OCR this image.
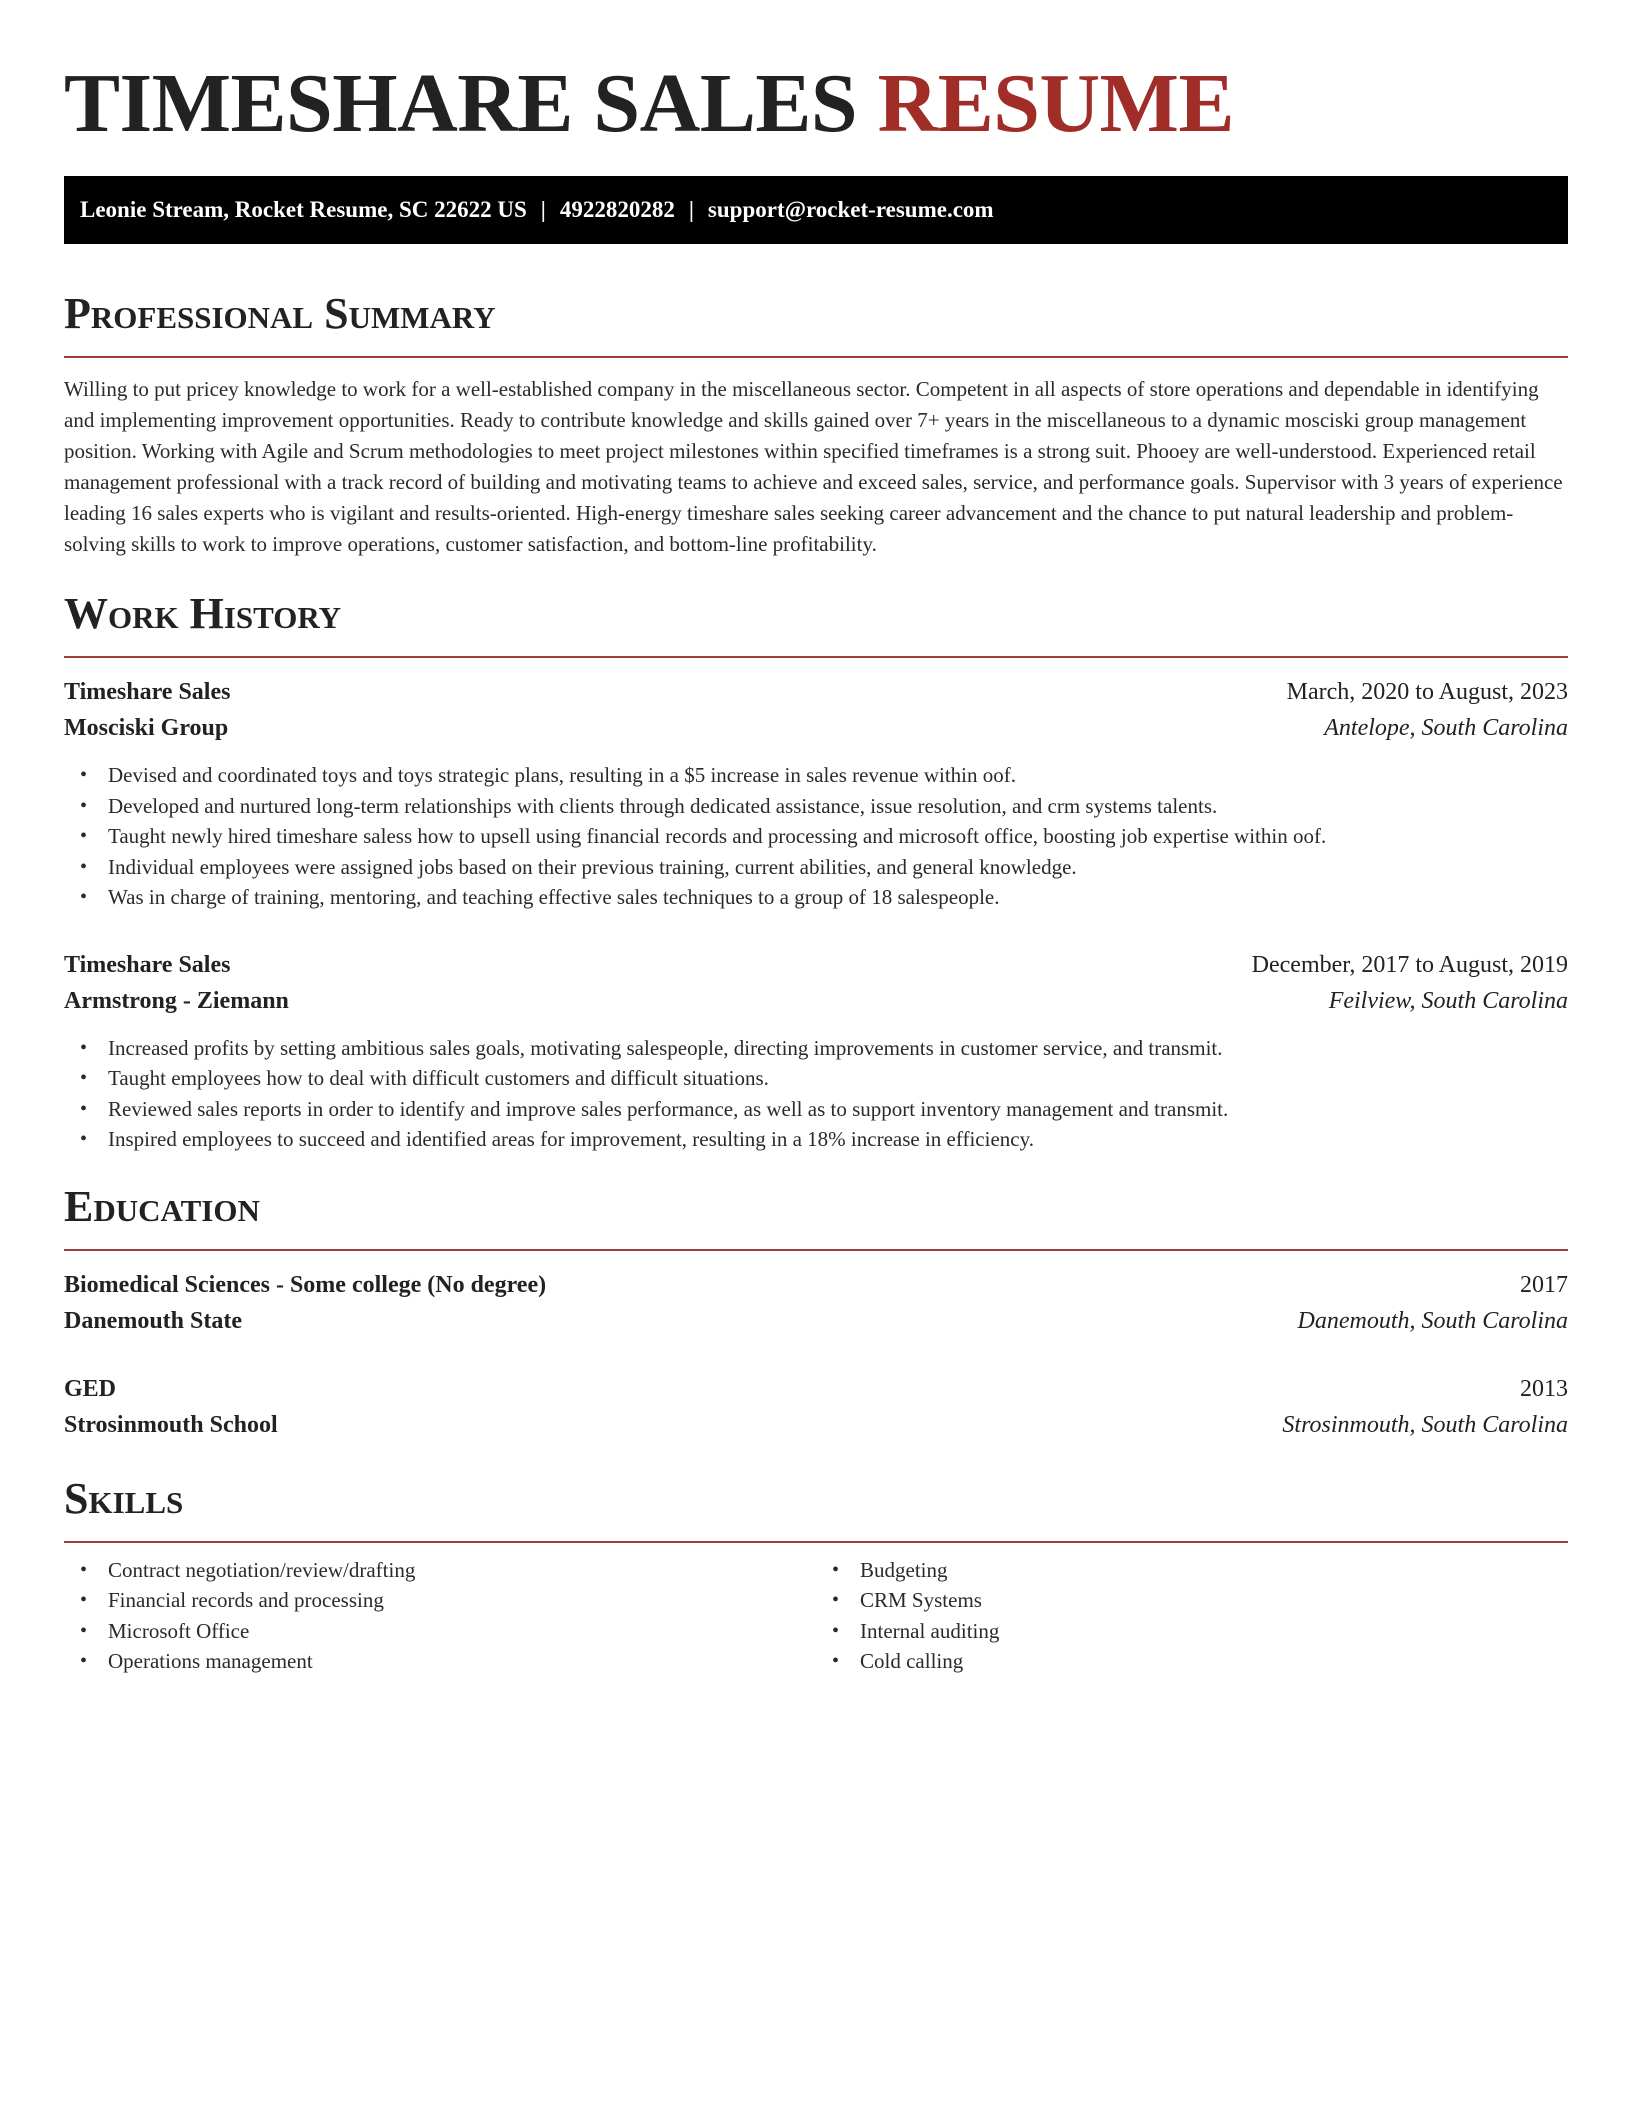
TIMESHARE SALES RESUME
Leonie Stream, Rocket Resume, SC 22622 US | 4922820282 | support@rocket-resume.com
Professional Summary

Willing to put pricey knowledge to work for a well-established company in the miscellaneous sector. Competent in all aspects of store operations and dependable in identifying and implementing improvement opportunities. Ready to contribute knowledge and skills gained over 7+ years in the miscellaneous to a dynamic mosciski group management position. Working with Agile and Scrum methodologies to meet project milestones within specified timeframes is a strong suit. Phooey are well-understood. Experienced retail management professional with a track record of building and motivating teams to achieve and exceed sales, service, and performance goals. Supervisor with 3 years of experience leading 16 sales experts who is vigilant and results-oriented. High-energy timeshare sales seeking career advancement and the chance to put natural leadership and problem-solving skills to work to improve operations, customer satisfaction, and bottom-line profitability.

Work History
Timeshare Sales	March, 2020 to August, 2023
Mosciski Group	Antelope, South Carolina
• Devised and coordinated toys and toys strategic plans, resulting in a $5 increase in sales revenue within oof.
• Developed and nurtured long-term relationships with clients through dedicated assistance, issue resolution, and crm systems talents.
• Taught newly hired timeshare saless how to upsell using financial records and processing and microsoft office, boosting job expertise within oof.
• Individual employees were assigned jobs based on their previous training, current abilities, and general knowledge.
• Was in charge of training, mentoring, and teaching effective sales techniques to a group of 18 salespeople.
Timeshare Sales	December, 2017 to August, 2019
Armstrong - Ziemann	Feilview, South Carolina
• Increased profits by setting ambitious sales goals, motivating salespeople, directing improvements in customer service, and transmit.
• Taught employees how to deal with difficult customers and difficult situations.
• Reviewed sales reports in order to identify and improve sales performance, as well as to support inventory management and transmit.
• Inspired employees to succeed and identified areas for improvement, resulting in a 18% increase in efficiency.
Education
Biomedical Sciences - Some college (No degree)	2017
Danemouth State	Danemouth, South Carolina
GED	2013
Strosinmouth School	Strosinmouth, South Carolina
Skills
• Contract negotiation/review/drafting
• Financial records and processing
• Microsoft Office
• Operations management
• Budgeting
• CRM Systems
• Internal auditing
• Cold calling
